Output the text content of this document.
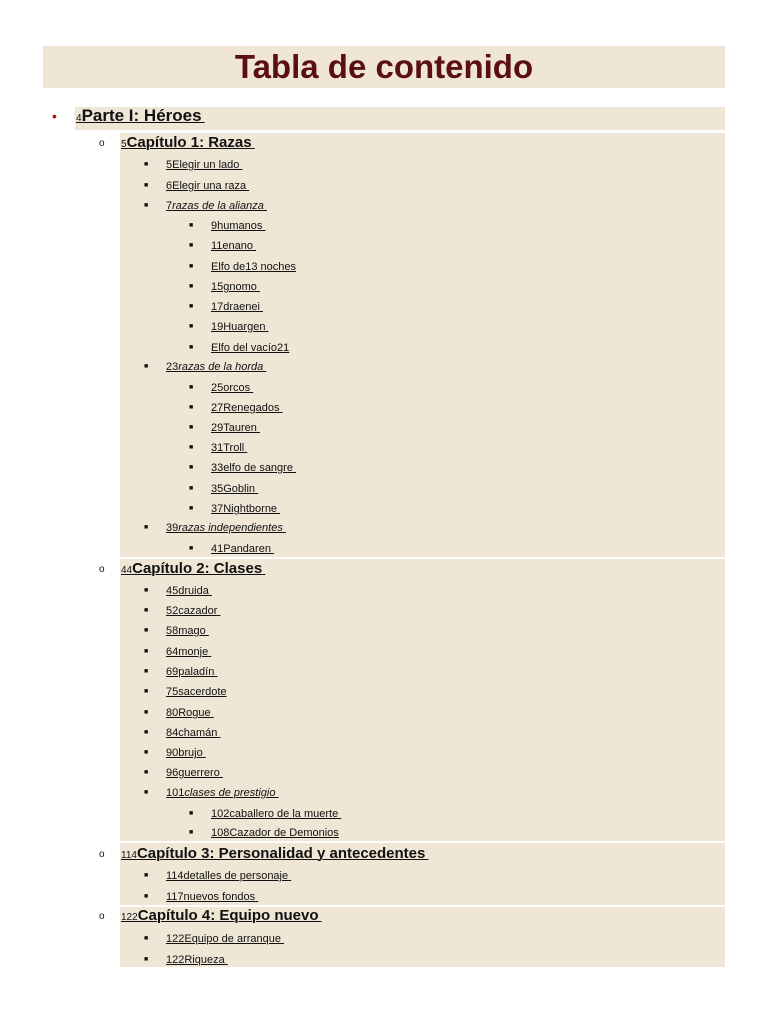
Tabla de contenido
• 4Parte I: Héroes
o 5Capítulo 1: Razas
■ 5Elegir un lado
■ 6Elegir una raza
■ 7razas de la alianza
■ 9humanos
■ 11enano
■ Elfo de13 noches
■ 15gnomo
■ 17draenei
■ 19Huargen
■ Elfo del vacío21
■ 23razas de la horda
■ 25orcos
■ 27Renegados
■ 29Tauren
■ 31Troll
■ 33elfo de sangre
■ 35Goblin
■ 37Nightborne
■ 39razas independientes
■ 41Pandaren
o 44Capítulo 2: Clases
■ 45druida
■ 52cazador
■ 58mago
■ 64monje
■ 69paladín
■ 75sacerdote
■ 80Rogue
■ 84chamán
■ 90brujo
■ 96guerrero
■ 101clases de prestigio
■ 102caballero de la muerte
■ 108Cazador de Demonios
o 114Capítulo 3: Personalidad y antecedentes
■ 114detalles de personaje
■ 117nuevos fondos
o 122Capítulo 4: Equipo nuevo
■ 122Equipo de arranque
■ 122Riqueza
